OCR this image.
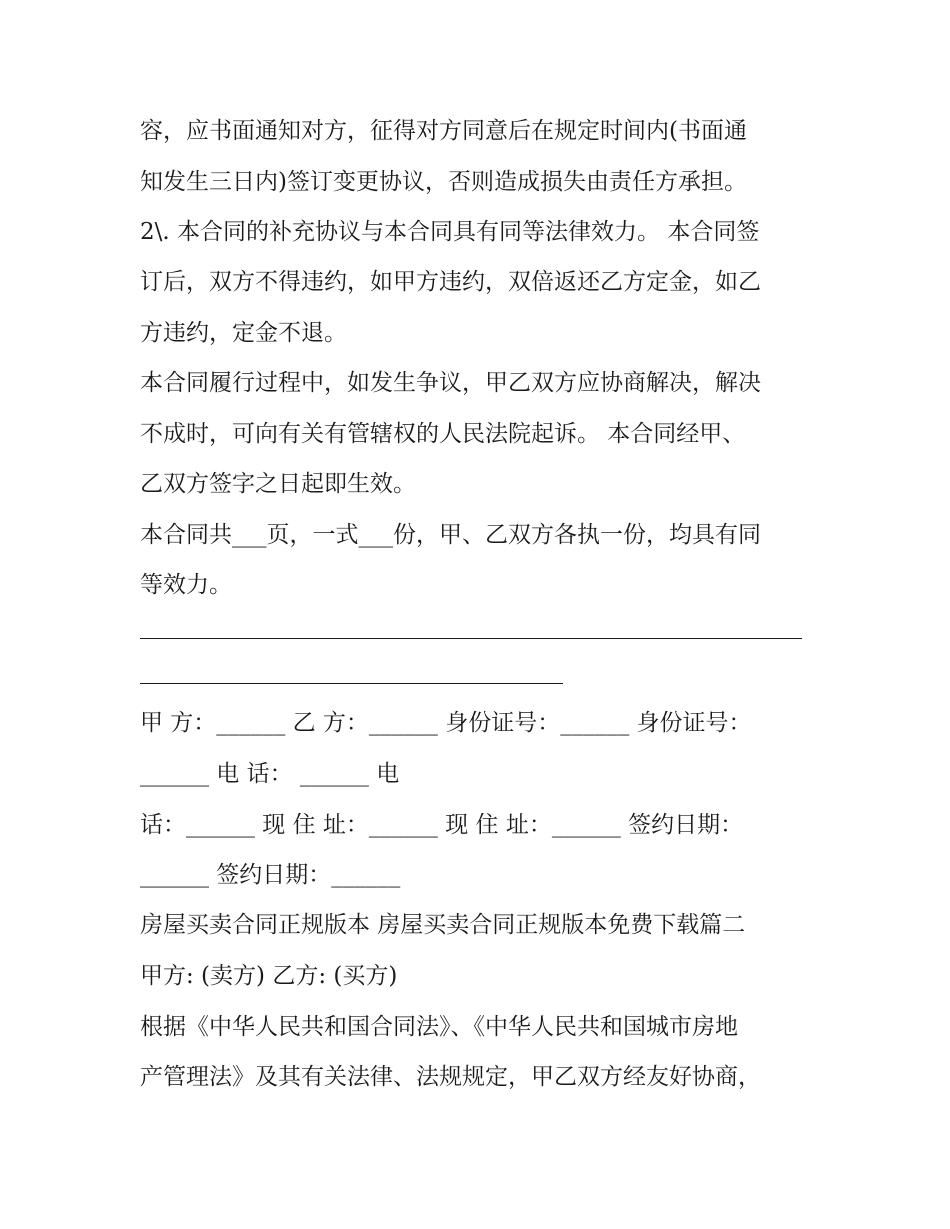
容，应书面通知对方，征得对方同意后在规定时间内(书面通
知发生三日内)签订变更协议，否则造成损失由责任方承担。
2\. 本合同的补充协议与本合同具有同等法律效力。 本合同签
订后，双方不得违约，如甲方违约，双倍返还乙方定金，如乙
方违约，定金不退。
本合同履行过程中，如发生争议，甲乙双方应协商解决，解决
不成时，可向有关有管辖权的人民法院起诉。 本合同经甲、
乙双方签字之日起即生效。
本合同共___页，一式___份，甲、乙双方各执一份，均具有同
等效力。
甲 方：______ 乙 方：______ 身份证号：______ 身份证号：
______ 电 话： ______ 电
话：______ 现 住 址：______ 现 住 址：______ 签约日期：
______ 签约日期：______
房屋买卖合同正规版本 房屋买卖合同正规版本免费下载篇二
甲方: (卖方) 乙方: (买方)
根据《中华人民共和国合同法》、《中华人民共和国城市房地
产管理法》及其有关法律、法规规定，甲乙双方经友好协商，
